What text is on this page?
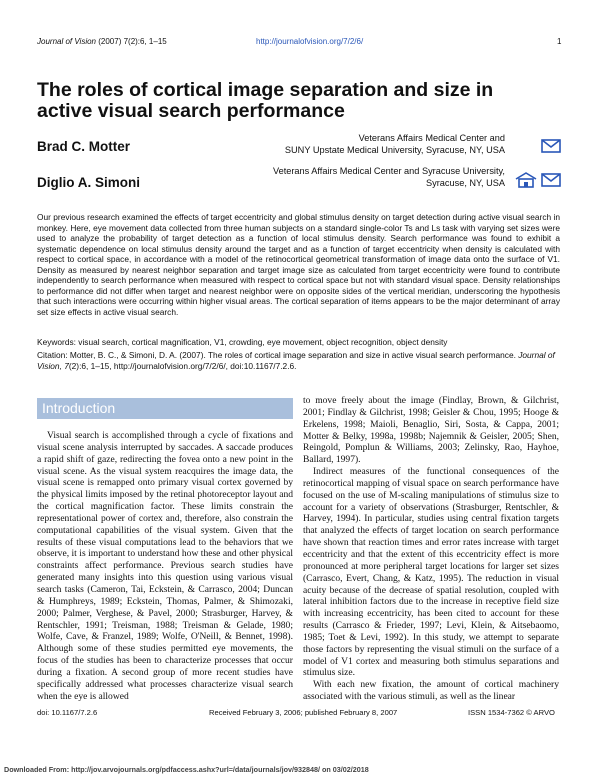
Journal of Vision (2007) 7(2):6, 1–15	http://journalofvision.org/7/2/6/	1
The roles of cortical image separation and size in
active visual search performance
Brad C. Motter
Veterans Affairs Medical Center and
SUNY Upstate Medical University, Syracuse, NY, USA
Diglio A. Simoni
Veterans Affairs Medical Center and Syracuse University,
Syracuse, NY, USA
Our previous research examined the effects of target eccentricity and global stimulus density on target detection during active visual search in monkey. Here, eye movement data collected from three human subjects on a standard single-color Ts and Ls task with varying set sizes were used to analyze the probability of target detection as a function of local stimulus density. Search performance was found to exhibit a systematic dependence on local stimulus density around the target and as a function of target eccentricity when density is calculated with respect to cortical space, in accordance with a model of the retinocortical geometrical transformation of image data onto the surface of V1. Density as measured by nearest neighbor separation and target image size as calculated from target eccentricity were found to contribute independently to search performance when measured with respect to cortical space but not with standard visual space. Density relationships to performance did not differ when target and nearest neighbor were on opposite sides of the vertical meridian, underscoring the hypothesis that such interactions were occurring within higher visual areas. The cortical separation of items appears to be the major determinant of array set size effects in active visual search.
Keywords: visual search, cortical magnification, V1, crowding, eye movement, object recognition, object density
Citation: Motter, B. C., & Simoni, D. A. (2007). The roles of cortical image separation and size in active visual search performance. Journal of Vision, 7(2):6, 1–15, http://journalofvision.org/7/2/6/, doi:10.1167/7.2.6.
Introduction

Visual search is accomplished through a cycle of fixations and visual scene analysis interrupted by saccades. A saccade produces a rapid shift of gaze, redirecting the fovea onto a new point in the visual scene. As the visual system reacquires the image data, the visual scene is remapped onto primary visual cortex governed by the physical limits imposed by the retinal photoreceptor layout and the cortical magnification factor. These limits constrain the representational power of cortex and, therefore, also constrain the computational capabilities of the visual system. Given that the results of these visual computations lead to the behaviors that we observe, it is important to understand how these and other physical constraints affect performance. Previous search studies have generated many insights into this question using various visual search tasks (Cameron, Tai, Eckstein, & Carrasco, 2004; Duncan & Humphreys, 1989; Eckstein, Thomas, Palmer, & Shimozaki, 2000; Palmer, Verghese, & Pavel, 2000; Strasburger, Harvey, & Rentschler, 1991; Treisman, 1988; Treisman & Gelade, 1980; Wolfe, Cave, & Franzel, 1989; Wolfe, O'Neill, & Bennet, 1998). Although some of these studies permitted eye movements, the focus of the studies has been to characterize processes that occur during a fixation. A second group of more recent studies have specifically addressed what processes characterize visual search when the eye is allowed

to move freely about the image (Findlay, Brown, & Gilchrist, 2001; Findlay & Gilchrist, 1998; Geisler & Chou, 1995; Hooge & Erkelens, 1998; Maioli, Benaglio, Siri, Sosta, & Cappa, 2001; Motter & Belky, 1998a, 1998b; Najemnik & Geisler, 2005; Shen, Reingold, Pomplun & Williams, 2003; Zelinsky, Rao, Hayhoe, Ballard, 1997).

Indirect measures of the functional consequences of the retinocortical mapping of visual space on search performance have focused on the use of M-scaling manipulations of stimulus size to account for a variety of observations (Strasburger, Rentschler, & Harvey, 1994). In particular, studies using central fixation targets that analyzed the effects of target location on search performance have shown that reaction times and error rates increase with target eccentricity and that the extent of this eccentricity effect is more pronounced at more peripheral target locations for larger set sizes (Carrasco, Evert, Chang, & Katz, 1995). The reduction in visual acuity because of the decrease of spatial resolution, coupled with lateral inhibition factors due to the increase in receptive field size with increasing eccentricity, has been cited to account for these results (Carrasco & Frieder, 1997; Levi, Klein, & Aitsebaomo, 1985; Toet & Levi, 1992). In this study, we attempt to separate those factors by representing the visual stimuli on the surface of a model of V1 cortex and measuring both stimulus separations and stimulus size.

With each new fixation, the amount of cortical machinery associated with the various stimuli, as well as the linear

doi: 10.1167/7.2.6	Received February 3, 2006; published February 8, 2007	ISSN 1534-7362 © ARVO
Downloaded From: http://jov.arvojournals.org/pdfaccess.ashx?url=/data/journals/jov/932848/ on 03/02/2018
